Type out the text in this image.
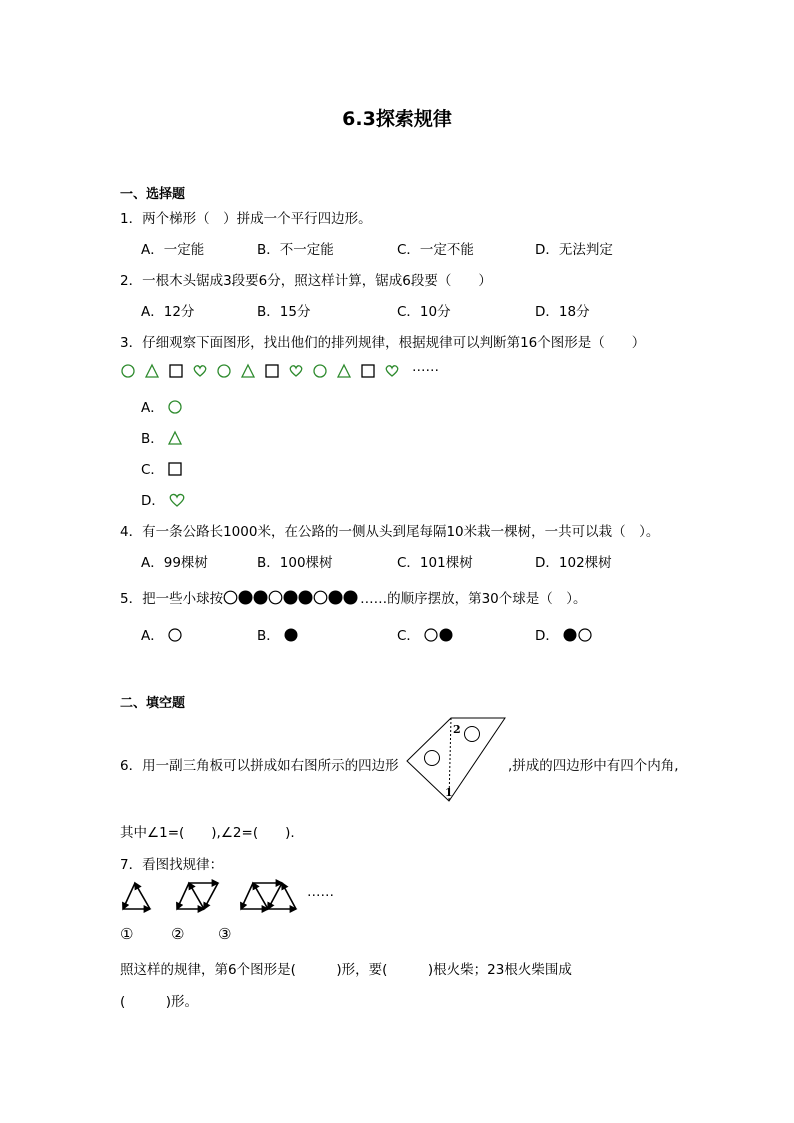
6.3探索规律
一、选择题
1．两个梯形（　）拼成一个平行四边形。
A．一定能	B．不一定能	C．一定不能	D．无法判定
2．一根木头锯成3段要6分，照这样计算，锯成6段要（　　）
A．12分	B．15分	C．10分	D．18分
3．仔细观察下面图形，找出他们的排列规律，根据规律可以判断第16个图形是（　　）
……
A．
B．
C．
D．
4．有一条公路长1000米，在公路的一侧从头到尾每隔10米栽一棵树，一共可以栽（　）。
A．99棵树	B．100棵树	C．101棵树	D．102棵树
5．把一些小球按	……的顺序摆放，第30个球是（　）。
A．	B．	C．	D．
二、填空题
6．用一副三角板可以拼成如右图所示的四边形
2
1
,拼成的四边形中有四个内角,
其中∠1=(　　),∠2=(　　).
7．看图找规律：
……
①	② ③
照这样的规律，第6个图形是(　　　)形，要(　　　)根火柴；23根火柴围成
(　　　)形。
